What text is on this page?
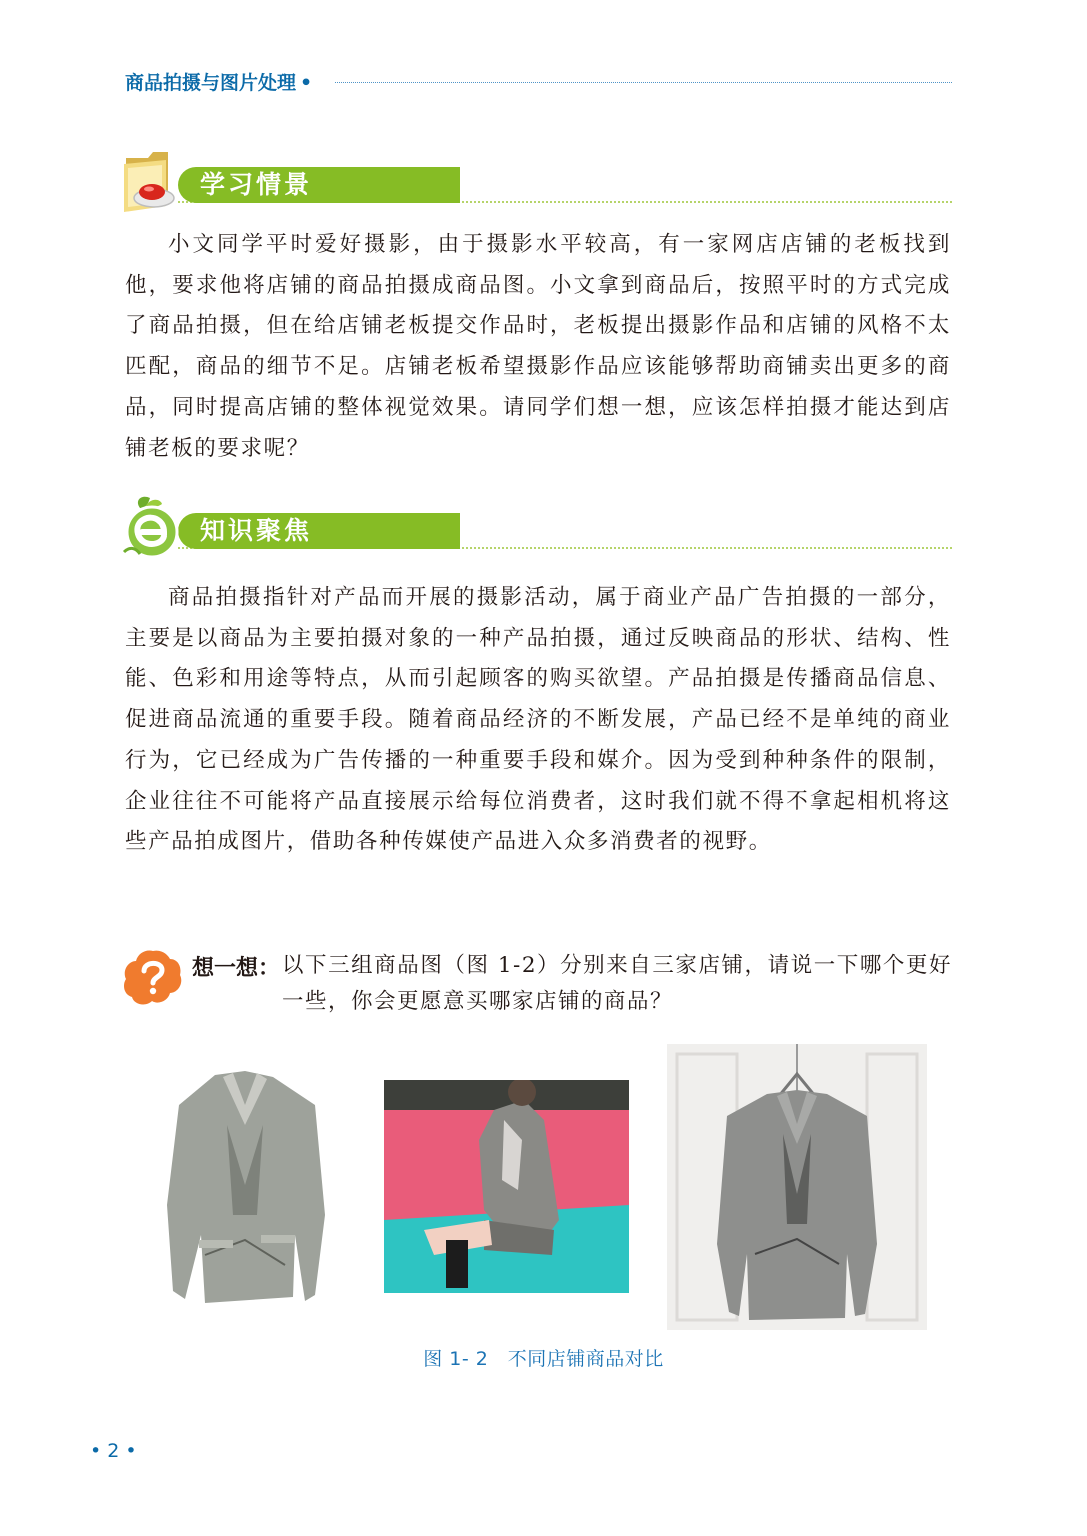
商品拍摄与图片处理 •
学习情景

小文同学平时爱好摄影，由于摄影水平较高，有一家网店店铺的老板找到他，要求他将店铺的商品拍摄成商品图。小文拿到商品后，按照平时的方式完成了商品拍摄，但在给店铺老板提交作品时，老板提出摄影作品和店铺的风格不太匹配，商品的细节不足。店铺老板希望摄影作品应该能够帮助商铺卖出更多的商品，同时提高店铺的整体视觉效果。请同学们想一想，应该怎样拍摄才能达到店铺老板的要求呢？

知识聚焦

商品拍摄指针对产品而开展的摄影活动，属于商业产品广告拍摄的一部分，主要是以商品为主要拍摄对象的一种产品拍摄，通过反映商品的形状、结构、性能、色彩和用途等特点，从而引起顾客的购买欲望。产品拍摄是传播商品信息、促进商品流通的重要手段。随着商品经济的不断发展，产品已经不是单纯的商业行为，它已经成为广告传播的一种重要手段和媒介。因为受到种种条件的限制，企业往往不可能将产品直接展示给每位消费者，这时我们就不得不拿起相机将这些产品拍成图片，借助各种传媒使产品进入众多消费者的视野。

想一想： 以下三组商品图（图 1-2）分别来自三家店铺，请说一下哪个更好一些，你会更愿意买哪家店铺的商品？

图 1- 2　不同店铺商品对比
• 2 •
